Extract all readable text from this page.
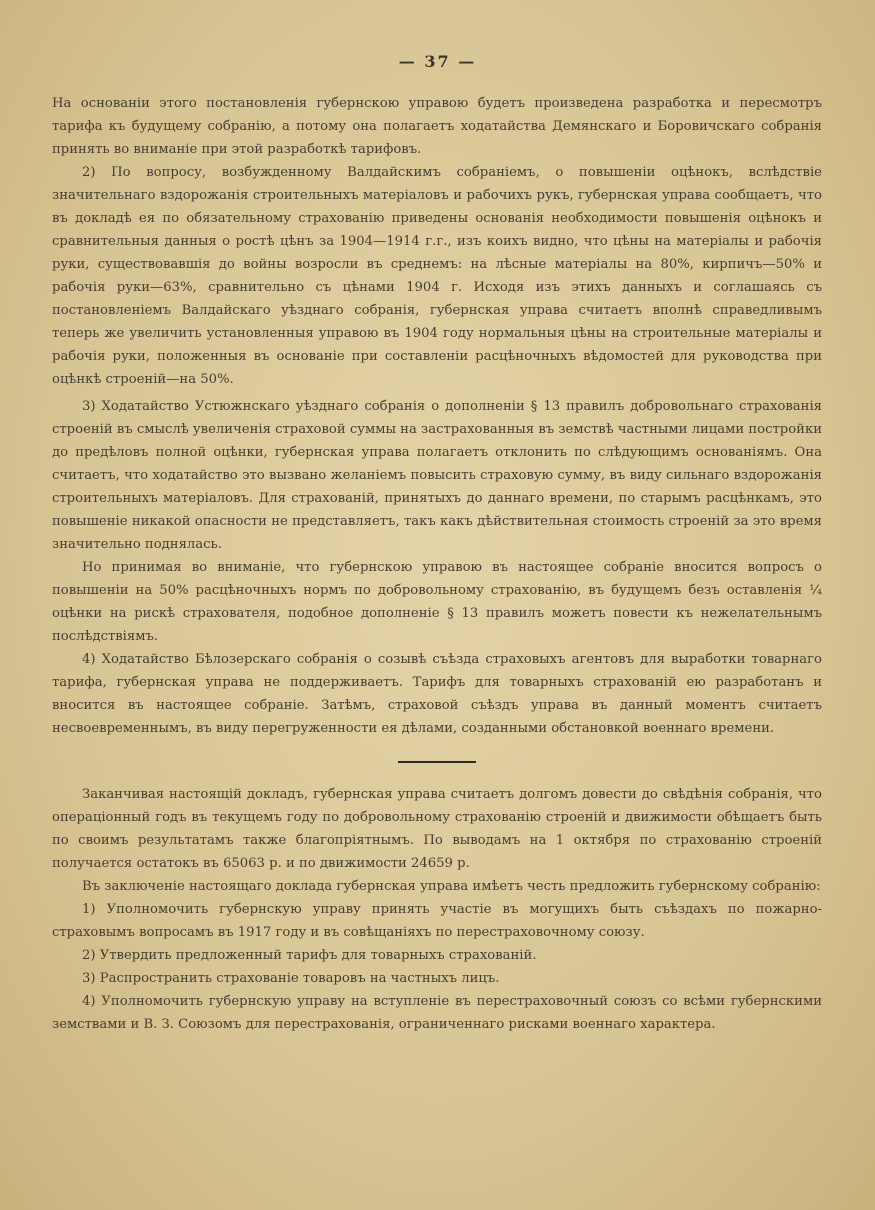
— 37 —

На основаніи этого постановленія губернскою управою будетъ произведена разработка и пересмотръ тарифа къ будущему собранію, а потому она полагаетъ ходатайства Демянскаго и Боровичскаго собранія принять во вниманіе при этой разработкѣ тарифовъ.

2) По вопросу, возбужденному Валдайскимъ собраніемъ, о повышеніи оцѣнокъ, вслѣдствіе значительнаго вздорожанія строительныхъ матеріаловъ и рабочихъ рукъ, губернская управа сообщаетъ, что въ докладѣ ея по обязательному страхованію приведены основанія необходимости повышенія оцѣнокъ и сравнительныя данныя о ростѣ цѣнъ за 1904—1914 г.г., изъ коихъ видно, что цѣны на матеріалы и рабочія руки, существовавшія до войны возросли въ среднемъ: на лѣсные матеріалы на 80%, кирпичъ—50% и рабочія руки—63%, сравнительно съ цѣнами 1904 г. Исходя изъ этихъ данныхъ и соглашаясь съ постановленіемъ Валдайскаго уѣзднаго собранія, губернская управа считаетъ вполнѣ справедливымъ теперь же увеличить установленныя управою въ 1904 году нормальныя цѣны на строительные матеріалы и рабочія руки, положенныя въ основаніе при составленіи расцѣночныхъ вѣдомостей для руководства при оцѣнкѣ строеній—на 50%.

3) Ходатайство Устюжнскаго уѣзднаго собранія о дополненіи § 13 правилъ добровольнаго страхованія строеній въ смыслѣ увеличенія страховой суммы на застрахованныя въ земствѣ частными лицами постройки до предѣловъ полной оцѣнки, губернская управа полагаетъ отклонить по слѣдующимъ основаніямъ. Она считаетъ, что ходатайство это вызвано желаніемъ повысить страховую сумму, въ виду сильнаго вздорожанія строительныхъ матеріаловъ. Для страхованій, принятыхъ до даннаго времени, по старымъ расцѣнкамъ, это повышеніе никакой опасности не представляетъ, такъ какъ дѣйствительная стоимость строеній за это время значительно поднялась.

Но принимая во вниманіе, что губернскою управою въ настоящее собраніе вносится вопросъ о повышеніи на 50% расцѣночныхъ нормъ по добровольному страхованію, въ будущемъ безъ оставленія ¼ оцѣнки на рискѣ страхователя, подобное дополненіе § 13 правилъ можетъ повести къ нежелательнымъ послѣдствіямъ.

4) Ходатайство Бѣлозерскаго собранія о созывѣ съѣзда страховыхъ агентовъ для выработки товарнаго тарифа, губернская управа не поддерживаетъ. Тарифъ для товарныхъ страхованій ею разработанъ и вносится въ настоящее собраніе. Затѣмъ, страховой съѣздъ управа въ данный моментъ считаетъ несвоевременнымъ, въ виду перегруженности ея дѣлами, созданными обстановкой военнаго времени.

Заканчивая настоящій докладъ, губернская управа считаетъ долгомъ довести до свѣдѣнія собранія, что операціонный годъ въ текущемъ году по добровольному страхованію строеній и движимости обѣщаетъ быть по своимъ результатамъ также благопріятнымъ. По выводамъ на 1 октября по страхованію строеній получается остатокъ въ 65063 р. и по движимости 24659 р.

Въ заключеніе настоящаго доклада губернская управа имѣетъ честь предложить губернскому собранію:

1) Уполномочить губернскую управу принять участіе въ могущихъ быть съѣздахъ по пожарно-страховымъ вопросамъ въ 1917 году и въ совѣщаніяхъ по перестраховочному союзу.

2) Утвердить предложенный тарифъ для товарныхъ страхованій.

3) Распространить страхованіе товаровъ на частныхъ лицъ.

4) Уполномочить губернскую управу на вступленіе въ перестраховочный союзъ со всѣми губернскими земствами и В. З. Союзомъ для перестрахованія, ограниченнаго рисками военнаго характера.
